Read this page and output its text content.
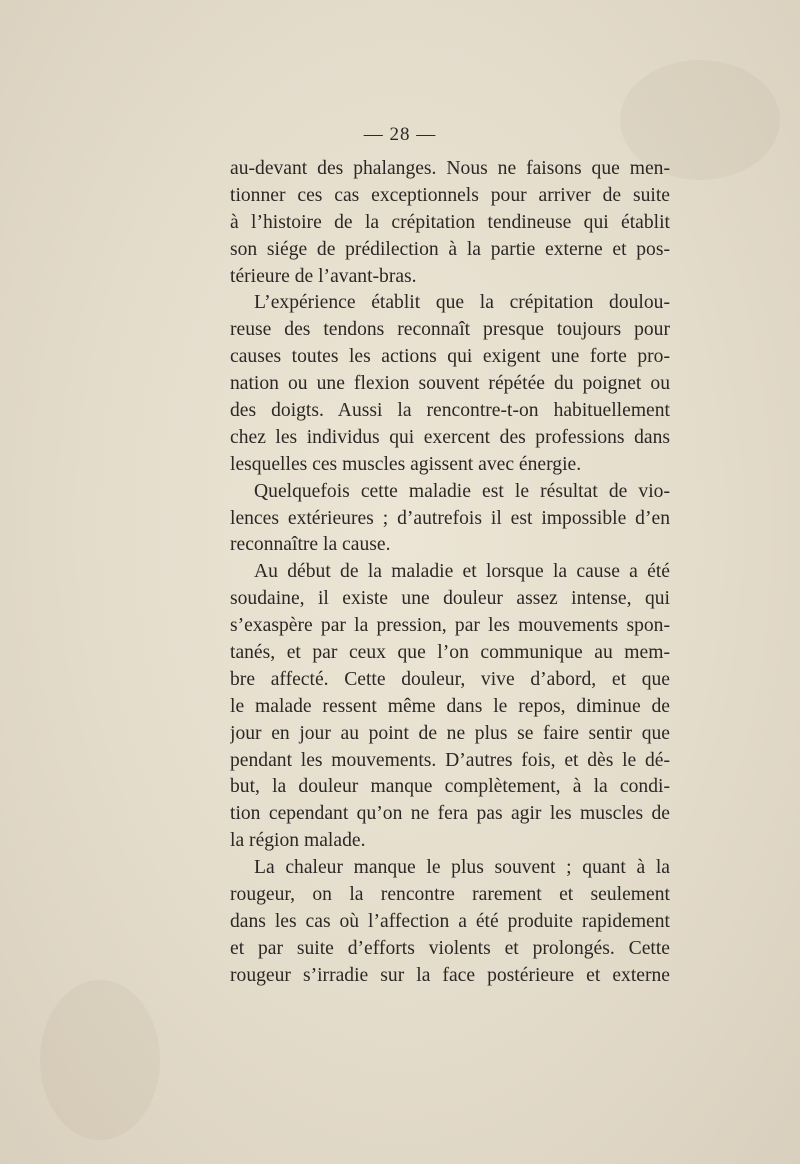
— 28 —
au-devant des phalanges. Nous ne faisons que men-
tionner ces cas exceptionnels pour arriver de suite
à l’histoire de la crépitation tendineuse qui établit
son siége de prédilection à la partie externe et pos-
térieure de l’avant-bras.
L’expérience établit que la crépitation doulou-
reuse des tendons reconnaît presque toujours pour
causes toutes les actions qui exigent une forte pro-
nation ou une flexion souvent répétée du poignet ou
des doigts. Aussi la rencontre-t-on habituellement
chez les individus qui exercent des professions dans
lesquelles ces muscles agissent avec énergie.
Quelquefois cette maladie est le résultat de vio-
lences extérieures ; d’autrefois il est impossible d’en
reconnaître la cause.
Au début de la maladie et lorsque la cause a été
soudaine, il existe une douleur assez intense, qui
s’exaspère par la pression, par les mouvements spon-
tanés, et par ceux que l’on communique au mem-
bre affecté. Cette douleur, vive d’abord, et que
le malade ressent même dans le repos, diminue de
jour en jour au point de ne plus se faire sentir que
pendant les mouvements. D’autres fois, et dès le dé-
but, la douleur manque complètement, à la condi-
tion cependant qu’on ne fera pas agir les muscles de
la région malade.
La chaleur manque le plus souvent ; quant à la
rougeur, on la rencontre rarement et seulement
dans les cas où l’affection a été produite rapidement
et par suite d’efforts violents et prolongés. Cette
rougeur s’irradie sur la face postérieure et externe
